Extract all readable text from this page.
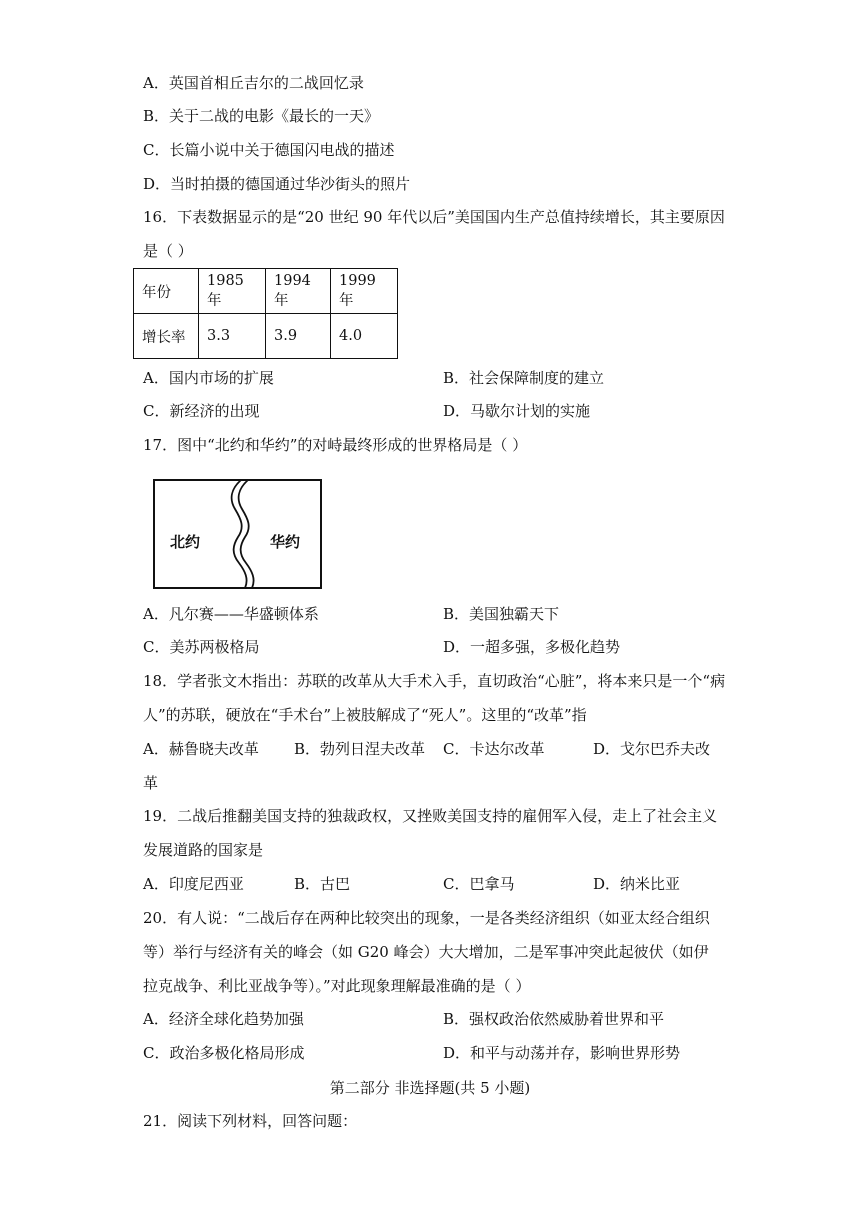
A．英国首相丘吉尔的二战回忆录
B．关于二战的电影《最长的一天》
C．长篇小说中关于德国闪电战的描述
D．当时拍摄的德国通过华沙街头的照片
16．下表数据显示的是“20 世纪 90 年代以后”美国国内生产总值持续增长，其主要原因
是（ ）
年份	1985 年	1994 年	1999 年
增长率	3.3	3.9	4.0
A．国内市场的扩展	B．社会保障制度的建立
C．新经济的出现	D．马歇尔计划的实施
17．图中“北约和华约”的对峙最终形成的世界格局是（ ）
北约	华约
A．凡尔赛——华盛顿体系	B．美国独霸天下
C．美苏两极格局	D．一超多强，多极化趋势
18．学者张文木指出：苏联的改革从大手术入手，直切政治“心脏”，将本来只是一个“病
人”的苏联，硬放在“手术台”上被肢解成了“死人”。这里的“改革”指
A．赫鲁晓夫改革 B．勃列日涅夫改革 C．卡达尔改革	D．戈尔巴乔夫改
革
19．二战后推翻美国支持的独裁政权，又挫败美国支持的雇佣军入侵，走上了社会主义
发展道路的国家是
A．印度尼西亚	B．古巴	C．巴拿马	D．纳米比亚
20．有人说：“二战后存在两种比较突出的现象，一是各类经济组织（如亚太经合组织
等）举行与经济有关的峰会（如 G20 峰会）大大增加，二是军事冲突此起彼伏（如伊
拉克战争、利比亚战争等）。”对此现象理解最准确的是（ ）
A．经济全球化趋势加强	B．强权政治依然威胁着世界和平
C．政治多极化格局形成	D．和平与动荡并存，影响世界形势
第二部分 非选择题(共 5 小题)
21．阅读下列材料，回答问题：
